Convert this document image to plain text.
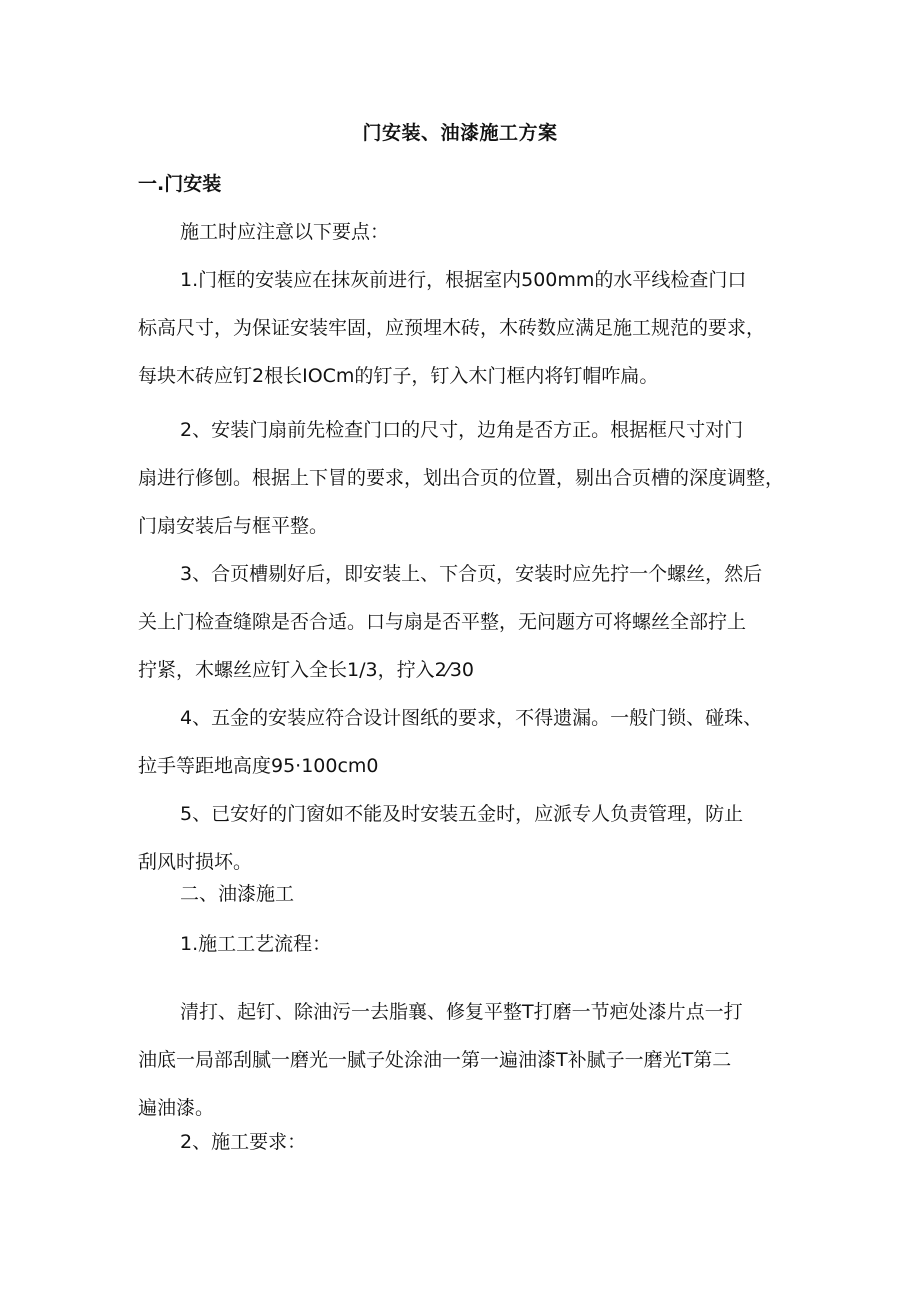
门安装、油漆施工方案
一.门安装
施工时应注意以下要点：
1.门框的安装应在抹灰前进行，根据室内500mm的水平线检查门口
标高尺寸，为保证安装牢固，应预埋木砖，木砖数应满足施工规范的要求，
每块木砖应钉2根长IOCm的钉子，钉入木门框内将钉帽咋扁。
2、安装门扇前先检查门口的尺寸，边角是否方正。根据框尺寸对门
扇进行修刨。根据上下冒的要求，划出合页的位置，剔出合页槽的深度调整，
门扇安装后与框平整。
3、合页槽剔好后，即安装上、下合页，安装时应先拧一个螺丝，然后
关上门检查缝隙是否合适。口与扇是否平整，无问题方可将螺丝全部拧上
拧紧，木螺丝应钉入全长1/3，拧入2⁄30
4、五金的安装应符合设计图纸的要求，不得遗漏。一般门锁、碰珠、
拉手等距地高度95·100cm0
5、已安好的门窗如不能及时安装五金时，应派专人负责管理，防止
刮风时损坏。
二、油漆施工
1.施工工艺流程：
清打、起钉、除油污一去脂襄、修复平整T打磨一节疤处漆片点一打
油底一局部刮腻一磨光一腻子处涂油一第一遍油漆T补腻子一磨光T第二
遍油漆。
2、施工要求：
